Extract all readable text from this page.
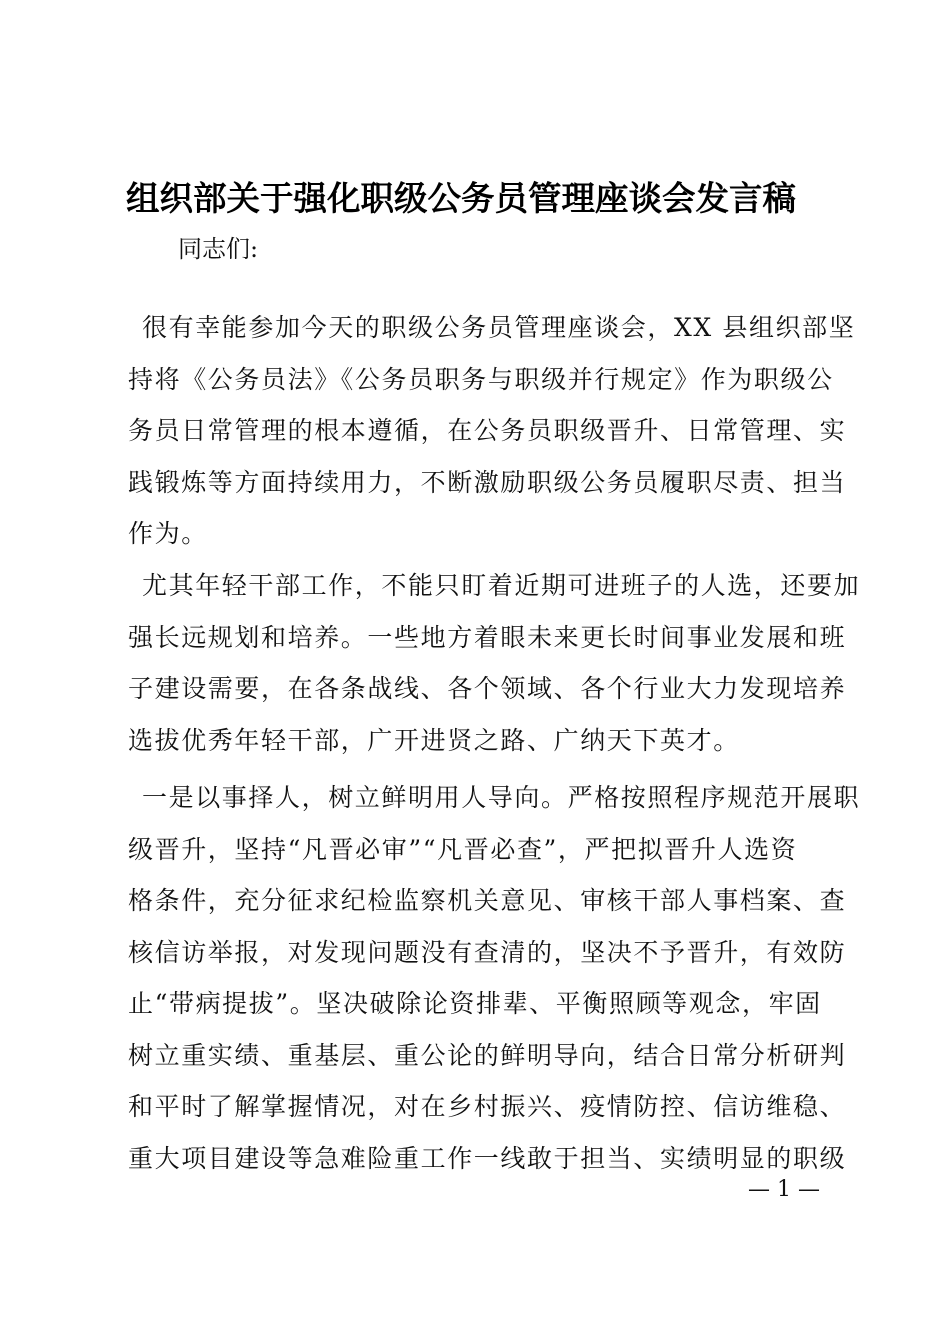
组织部关于强化职级公务员管理座谈会发言稿
同志们:
很有幸能参加今天的职级公务员管理座谈会，XX 县组织部坚
持将《公务员法》《公务员职务与职级并行规定》作为职级公
务员日常管理的根本遵循，在公务员职级晋升、日常管理、实
践锻炼等方面持续用力，不断激励职级公务员履职尽责、担当
作为。
尤其年轻干部工作，不能只盯着近期可进班子的人选，还要加
强长远规划和培养。一些地方着眼未来更长时间事业发展和班
子建设需要，在各条战线、各个领域、各个行业大力发现培养
选拔优秀年轻干部，广开进贤之路、广纳天下英才。
一是以事择人，树立鲜明用人导向。严格按照程序规范开展职
级晋升，坚持“凡晋必审”“凡晋必查”，严把拟晋升人选资
格条件，充分征求纪检监察机关意见、审核干部人事档案、查
核信访举报，对发现问题没有查清的，坚决不予晋升，有效防
止“带病提拔”。坚决破除论资排辈、平衡照顾等观念，牢固
树立重实绩、重基层、重公论的鲜明导向，结合日常分析研判
和平时了解掌握情况，对在乡村振兴、疫情防控、信访维稳、
重大项目建设等急难险重工作一线敢于担当、实绩明显的职级
— 1 —
